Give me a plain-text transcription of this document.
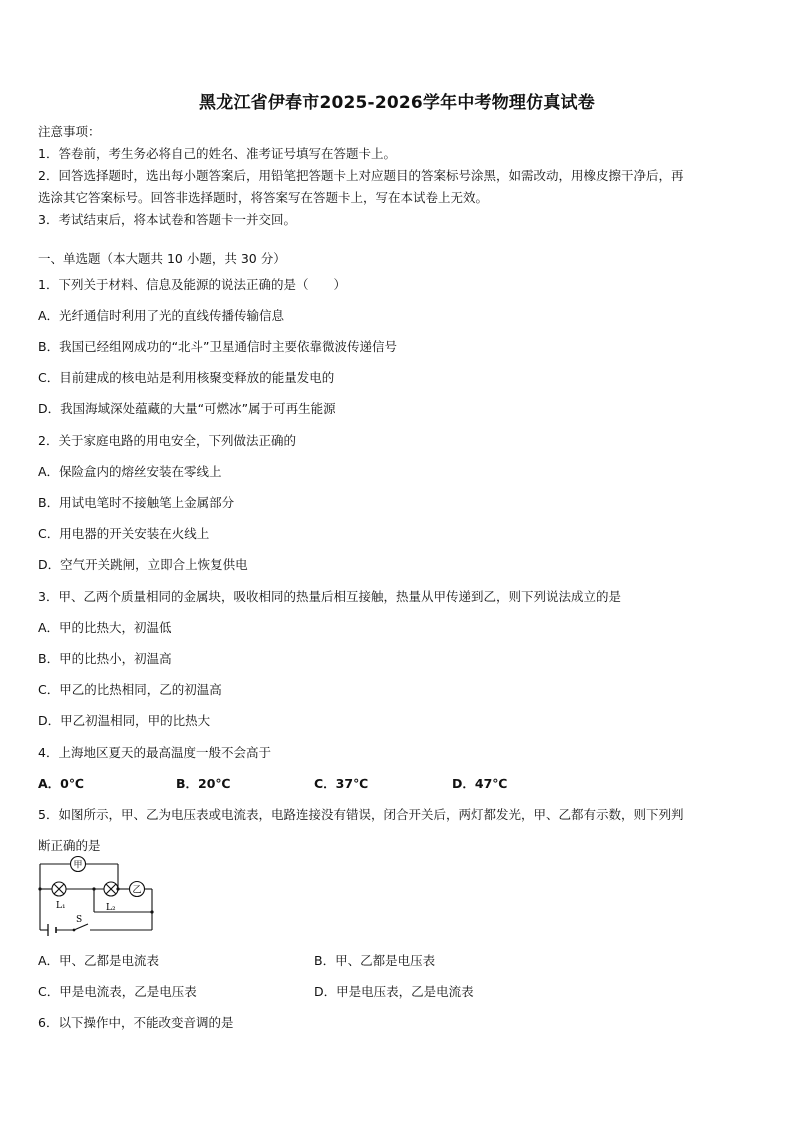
黑龙江省伊春市2025-2026学年中考物理仿真试卷
注意事项：
1．答卷前，考生务必将自己的姓名、准考证号填写在答题卡上。
2．回答选择题时，选出每小题答案后，用铅笔把答题卡上对应题目的答案标号涂黑，如需改动，用橡皮擦干净后，再
选涂其它答案标号。回答非选择题时，将答案写在答题卡上，写在本试卷上无效。
3．考试结束后，将本试卷和答题卡一并交回。
一、单选题（本大题共 10 小题，共 30 分）
1．下列关于材料、信息及能源的说法正确的是（　　）
A．光纤通信时利用了光的直线传播传输信息
B．我国已经组网成功的“北斗”卫星通信时主要依靠微波传递信号
C．目前建成的核电站是利用核聚变释放的能量发电的
D．我国海域深处蕴藏的大量“可燃冰”属于可再生能源
2．关于家庭电路的用电安全，下列做法正确的
A．保险盒内的熔丝安装在零线上
B．用试电笔时不接触笔上金属部分
C．用电器的开关安装在火线上
D．空气开关跳闸，立即合上恢复供电
3．甲、乙两个质量相同的金属块，吸收相同的热量后相互接触，热量从甲传递到乙，则下列说法成立的是
A．甲的比热大，初温低
B．甲的比热小，初温高
C．甲乙的比热相同，乙的初温高
D．甲乙初温相同，甲的比热大
4．上海地区夏天的最高温度一般不会高于
A．0℃	B．20℃	C．37℃	D．47℃
5．如图所示，甲、乙为电压表或电流表，电路连接没有错误，闭合开关后，两灯都发光，甲、乙都有示数，则下列判
断正确的是
甲
乙
L₁	L₂
S
A．甲、乙都是电流表	B．甲、乙都是电压表
C．甲是电流表，乙是电压表	D．甲是电压表，乙是电流表
6．以下操作中，不能改变音调的是
